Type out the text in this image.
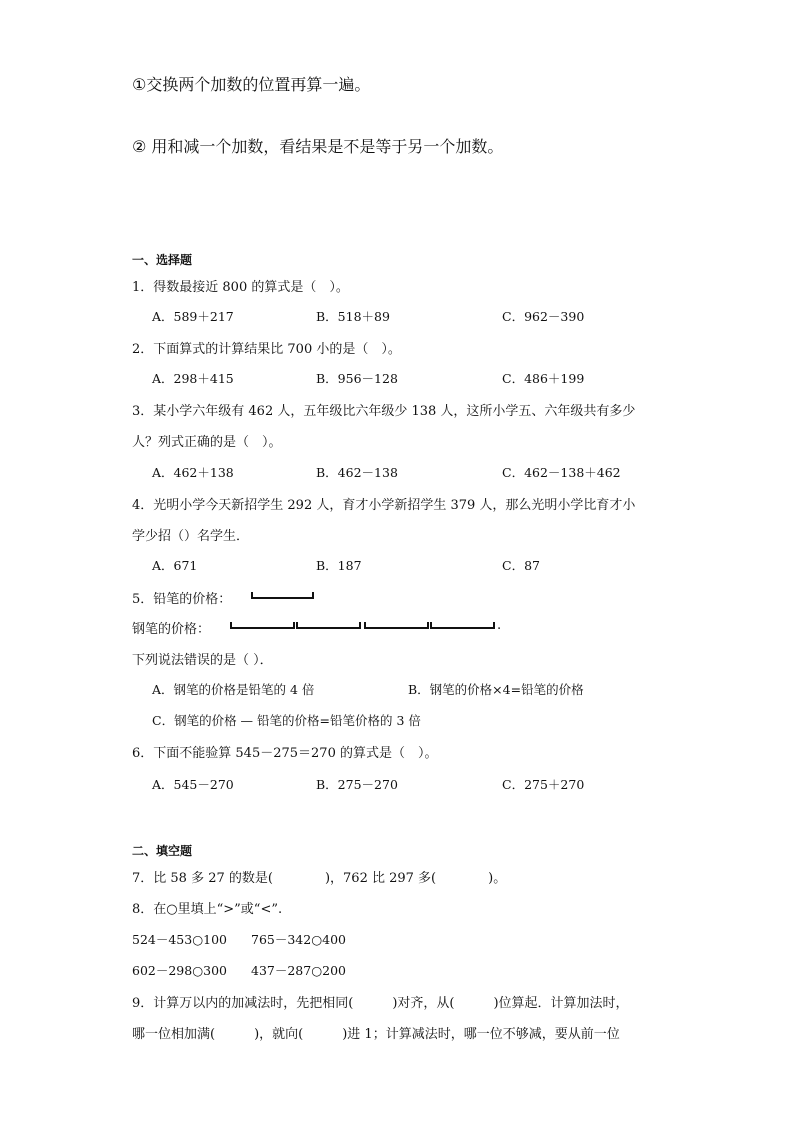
①交换两个加数的位置再算一遍。
② 用和减一个加数，看结果是不是等于另一个加数。
一、选择题
1．得数最接近 800 的算式是（　）。
A．589＋217	B．518＋89	C．962－390
2．下面算式的计算结果比 700 小的是（　）。
A．298＋415	B．956－128	C．486＋199
3．某小学六年级有 462 人，五年级比六年级少 138 人，这所小学五、六年级共有多少
人？列式正确的是（　）。
A．462＋138	B．462－138	C．462－138＋462
4．光明小学今天新招学生 292 人，育才小学新招学生 379 人，那么光明小学比育才小
学少招（）名学生．
A．671	B．187	C．87
5．铅笔的价格：
钢笔的价格：	.
下列说法错误的是（ ）．
A．钢笔的价格是铅笔的 4 倍	B．钢笔的价格×4=铅笔的价格
C．钢笔的价格 — 铅笔的价格=铅笔价格的 3 倍
6．下面不能验算 545－275＝270 的算式是（　）。
A．545－270	B．275－270	C．275＋270
二、填空题
7．比 58 多 27 的数是(　　　　)，762 比 297 多(　　　　)。
8．在○里填上“>”或“<”.
524－453○100 765－342○400
602－298○300 437－287○200
9．计算万以内的加减法时，先把相同(　　　)对齐，从(　　　)位算起．计算加法时，
哪一位相加满(　　　)，就向(　　　)进 1；计算减法时，哪一位不够减，要从前一位
